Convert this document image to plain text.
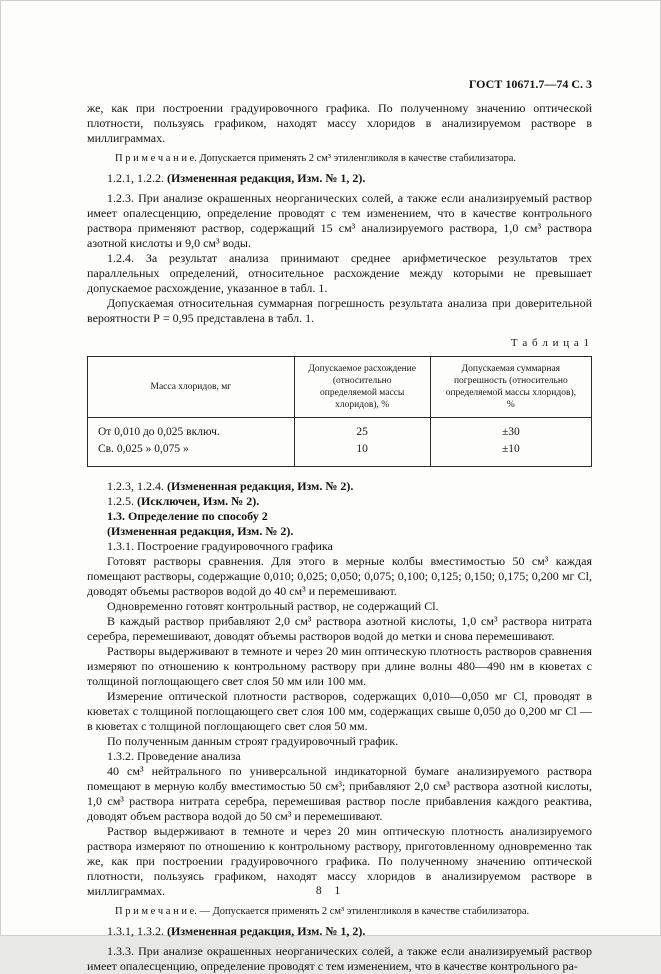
ГОСТ 10671.7—74 С. 3

же, как при построении градуировочного графика. По полученному значению оптической плотности, пользуясь графиком, находят массу хлоридов в анализируемом растворе в миллиграммах.

П р и м е ч а н и е. Допускается применять 2 см³ этиленгликоля в качестве стабилизатора.

1.2.1, 1.2.2. (Измененная редакция, Изм. № 1, 2).

1.2.3. При анализе окрашенных неорганических солей, а также если анализируемый раствор имеет опалесценцию, определение проводят с тем изменением, что в качестве контрольного раствора применяют раствор, содержащий 15 см³ анализируемого раствора, 1,0 см³ раствора азотной кислоты и 9,0 см³ воды.

1.2.4. За результат анализа принимают среднее арифметическое результатов трех параллельных определений, относительное расхождение между которыми не превышает допускаемое расхождение, указанное в табл. 1.

Допускаемая относительная суммарная погрешность результата анализа при доверительной вероятности Р = 0,95 представлена в табл. 1.

Т а б л и ц а 1
Масса хлоридов, мг	Допускаемое расхождение (относительно определяемой массы хлоридов), %	Допускаемая суммарная погрешность (относительно определяемой массы хлоридов), %
От 0,010 до 0,025 включ.	25	±30
Св. 0,025 » 0,075 »	10	±10

1.2.3, 1.2.4. (Измененная редакция, Изм. № 2).

1.2.5. (Исключен, Изм. № 2).

1.3. Определение по способу 2

(Измененная редакция, Изм. № 2).

1.3.1. Построение градуировочного графика

Готовят растворы сравнения. Для этого в мерные колбы вместимостью 50 см³ каждая помещают растворы, содержащие 0,010; 0,025; 0,050; 0,075; 0,100; 0,125; 0,150; 0,175; 0,200 мг Cl, доводят объемы растворов водой до 40 см³ и перемешивают.

Одновременно готовят контрольный раствор, не содержащий Cl.

В каждый раствор прибавляют 2,0 см³ раствора азотной кислоты, 1,0 см³ раствора нитрата серебра, перемешивают, доводят объемы растворов водой до метки и снова перемешивают.

Растворы выдерживают в темноте и через 20 мин оптическую плотность растворов сравнения измеряют по отношению к контрольному раствору при длине волны 480—490 нм в кюветах с толщиной поглощающего свет слоя 50 мм или 100 мм.

Измерение оптической плотности растворов, содержащих 0,010—0,050 мг Cl, проводят в кюветах с толщиной поглощающего свет слоя 100 мм, содержащих свыше 0,050 до 0,200 мг Cl — в кюветах с толщиной поглощающего свет слоя 50 мм.

По полученным данным строят градуировочный график.

1.3.2. Проведение анализа

40 см³ нейтрального по универсальной индикаторной бумаге анализируемого раствора помещают в мерную колбу вместимостью 50 см³; прибавляют 2,0 см³ раствора азотной кислоты, 1,0 см³ раствора нитрата серебра, перемешивая раствор после прибавления каждого реактива, доводят объем раствора водой до 50 см³ и перемешивают.

Раствор выдерживают в темноте и через 20 мин оптическую плотность анализируемого раствора измеряют по отношению к контрольному раствору, приготовленному одновременно так же, как при построении градуировочного графика. По полученному значению оптической плотности, пользуясь графиком, находят массу хлоридов в анализируемом растворе в миллиграммах.

П р и м е ч а н и е. — Допускается применять 2 см³ этиленгликоля в качестве стабилизатора.

1.3.1, 1.3.2. (Измененная редакция, Изм. № 1, 2).

1.3.3. При анализе окрашенных неорганических солей, а также если анализируемый раствор имеет опалесценцию, определение проводят с тем изменением, что в качестве контрольного ра-

8 1
